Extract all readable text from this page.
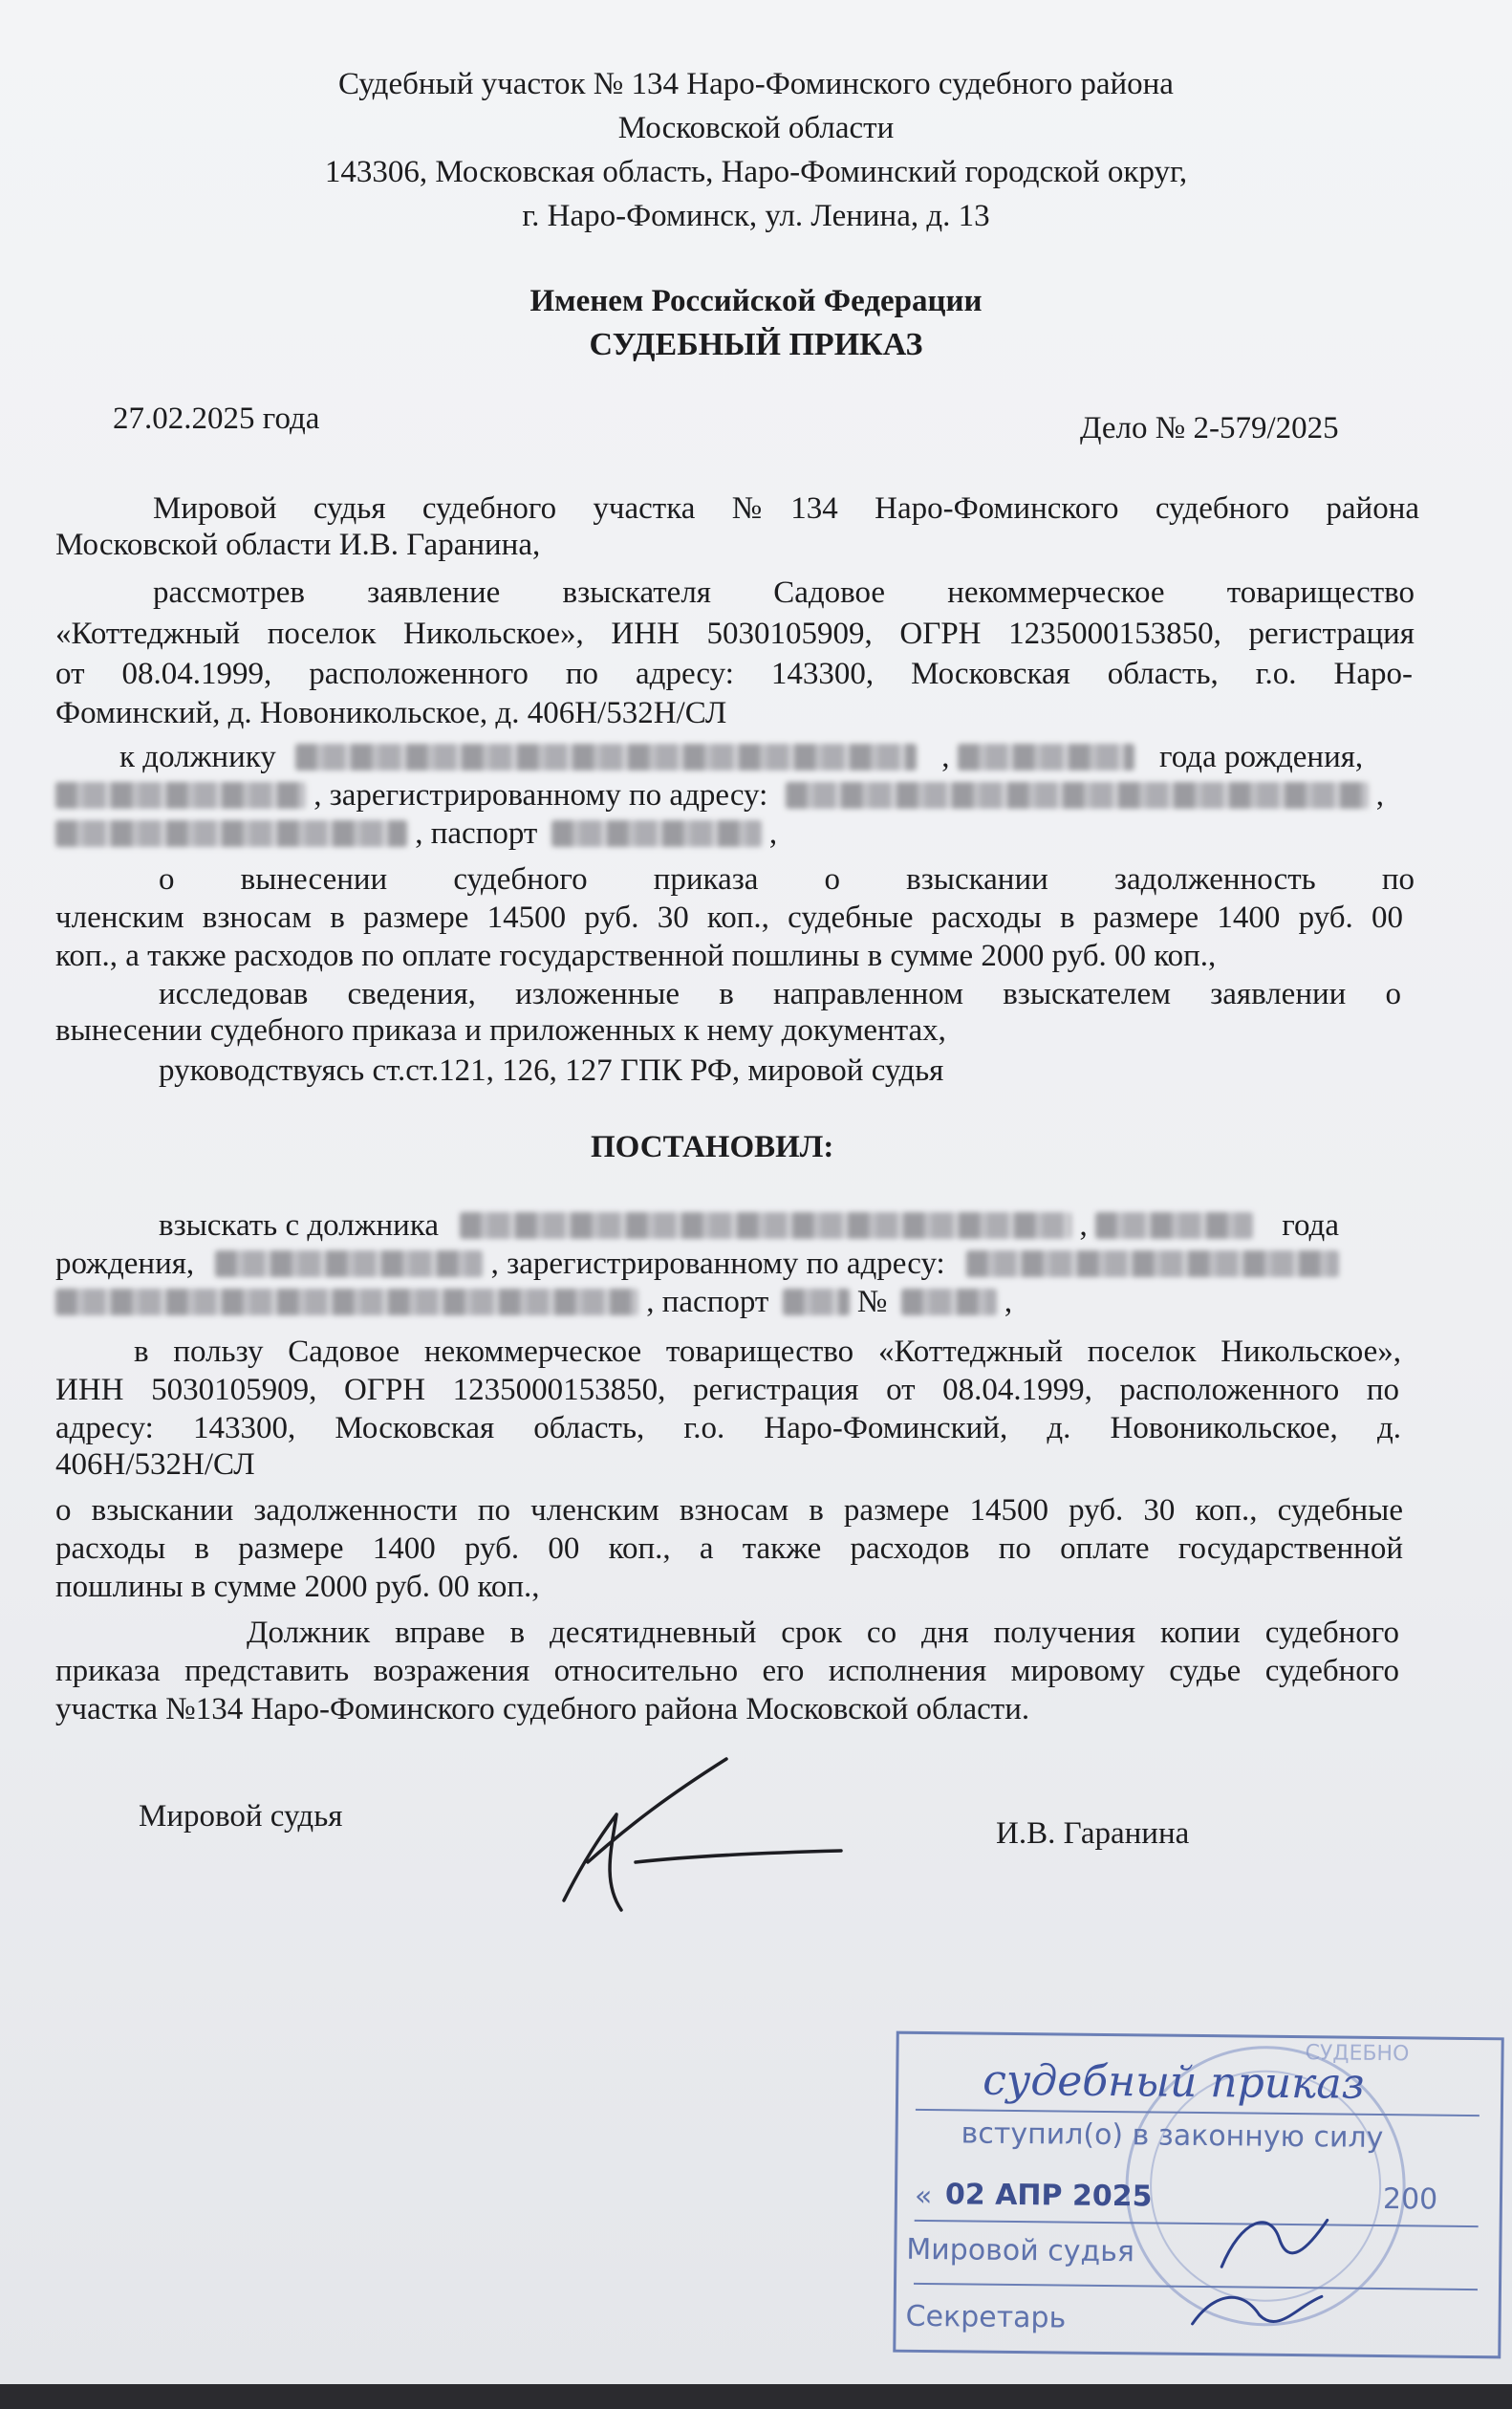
Судебный участок № 134 Наро-Фоминского судебного района
Московской области
143306, Московская область, Наро-Фоминский городской округ,
г. Наро-Фоминск, ул. Ленина, д. 13
Именем Российской Федерации
СУДЕБНЫЙ ПРИКАЗ
27.02.2025 года	Дело № 2-579/2025
Мировой судья судебного участка №134 Наро-Фоминского судебного района
Московской области И.В. Гаранина,
рассмотрев заявление взыскателя Садовое некоммерческое товарищество
«Коттеджный поселок Никольское», ИНН 5030105909, ОГРН 1235000153850, регистрация
от 08.04.1999, расположенного по адресу: 143300, Московская область, г.о. Наро-
Фоминский, д. Новоникольское, д. 406Н/532Н/СЛ
к должнику	,	года рождения,
, зарегистрированному по адресу:	,
, паспорт	,
о вынесении судебного приказа о взыскании задолженность по
членским взносам в размере 14500 руб. 30 коп., судебные расходы в размере 1400 руб. 00
коп., а также расходов по оплате государственной пошлины в сумме 2000 руб. 00 коп.,
исследовав сведения, изложенные в направленном взыскателем заявлении о
вынесении судебного приказа и приложенных к нему документах,
руководствуясь ст.ст.121, 126, 127 ГПК РФ, мировой судья
ПОСТАНОВИЛ:
взыскать с должника	,	года
рождения,	, зарегистрированному по адресу:
, паспорт	№	,
в пользу Садовое некоммерческое товарищество «Коттеджный поселок Никольское»,
ИНН 5030105909, ОГРН 1235000153850, регистрация от 08.04.1999, расположенного по
адресу: 143300, Московская область, г.о. Наро-Фоминский, д. Новоникольское, д.
406Н/532Н/СЛ
о взыскании задолженности по членским взносам в размере 14500 руб. 30 коп., судебные
расходы в размере 1400 руб. 00 коп., а также расходов по оплате государственной
пошлины в сумме 2000 руб. 00 коп.,
Должник вправе в десятидневный срок со дня получения копии судебного
приказа представить возражения относительно его исполнения мировому судье судебного
участка №134 Наро-Фоминского судебного района Московской области.
Мировой судья	И.В. Гаранина
СУДЕБНО
судебный приказ
вступил(о) в законную силу
« 02 АПР 2025	200
Мировой судья
Секретарь
